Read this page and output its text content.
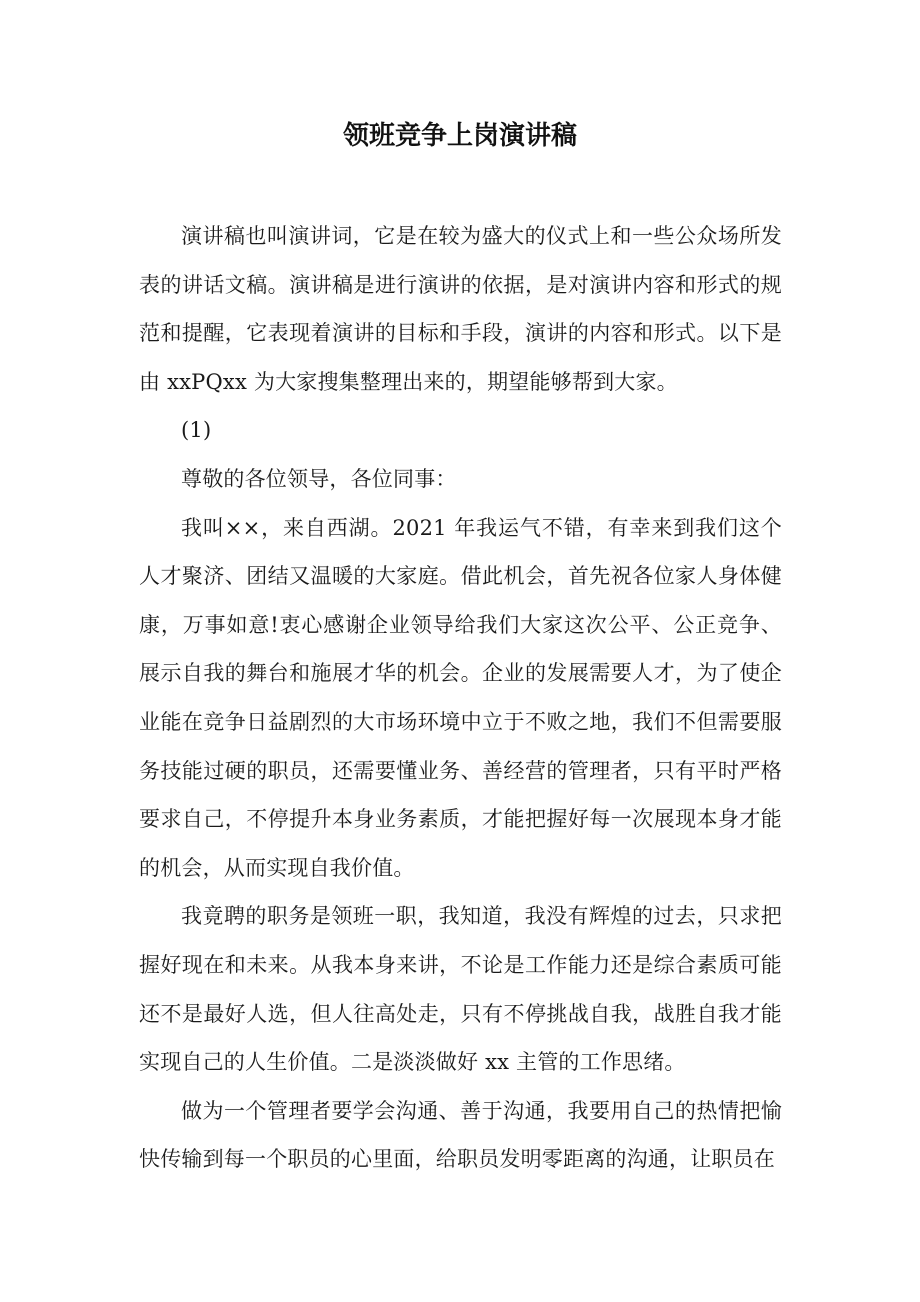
领班竞争上岗演讲稿

演讲稿也叫演讲词，它是在较为盛大的仪式上和一些公众场所发表的讲话文稿。演讲稿是进行演讲的依据，是对演讲内容和形式的规范和提醒，它表现着演讲的目标和手段，演讲的内容和形式。以下是由 xxPQxx 为大家搜集整理出来的，期望能够帮到大家。

(1)

尊敬的各位领导，各位同事：

我叫××，来自西湖。2021 年我运气不错，有幸来到我们这个人才聚济、团结又温暖的大家庭。借此机会，首先祝各位家人身体健康，万事如意!衷心感谢企业领导给我们大家这次公平、公正竞争、展示自我的舞台和施展才华的机会。企业的发展需要人才，为了使企业能在竞争日益剧烈的大市场环境中立于不败之地，我们不但需要服务技能过硬的职员，还需要懂业务、善经营的管理者，只有平时严格要求自己，不停提升本身业务素质，才能把握好每一次展现本身才能的机会，从而实现自我价值。

我竟聘的职务是领班一职，我知道，我没有辉煌的过去，只求把握好现在和未来。从我本身来讲，不论是工作能力还是综合素质可能还不是最好人选，但人往高处走，只有不停挑战自我，战胜自我才能实现自己的人生价值。二是淡淡做好 xx 主管的工作思绪。

做为一个管理者要学会沟通、善于沟通，我要用自己的热情把愉快传输到每一个职员的心里面，给职员发明零距离的沟通，让职员在
